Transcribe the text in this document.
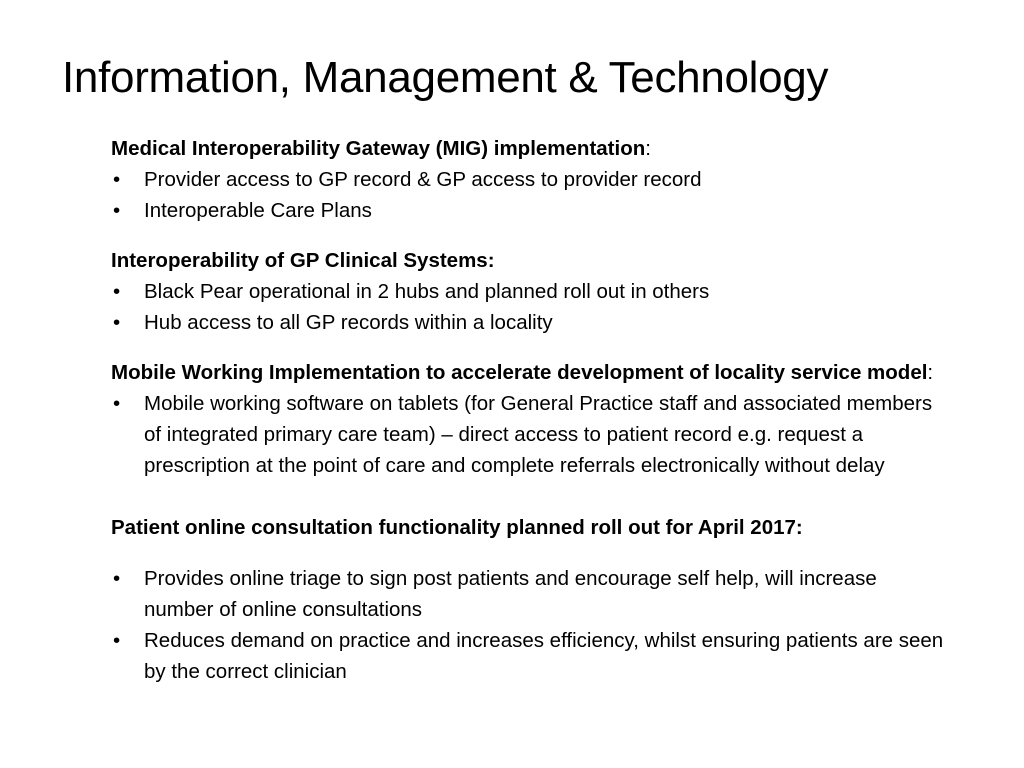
Information, Management & Technology

Medical Interoperability Gateway (MIG) implementation:

• Provider access to GP record & GP access to provider record
• Interoperable Care Plans

Interoperability of GP Clinical Systems:

• Black Pear operational in 2 hubs and planned roll out in others
• Hub access to all GP records within a locality

Mobile Working Implementation to accelerate development of locality service model:

• Mobile working software on tablets (for General Practice staff and associated members of integrated primary care team) – direct access to patient record e.g. request a prescription at the point of care and complete referrals electronically without delay

Patient online consultation functionality planned roll out for April 2017:

• Provides online triage to sign post patients and encourage self help, will increase number of online consultations
• Reduces demand on practice and increases efficiency, whilst ensuring patients are seen by the correct clinician
